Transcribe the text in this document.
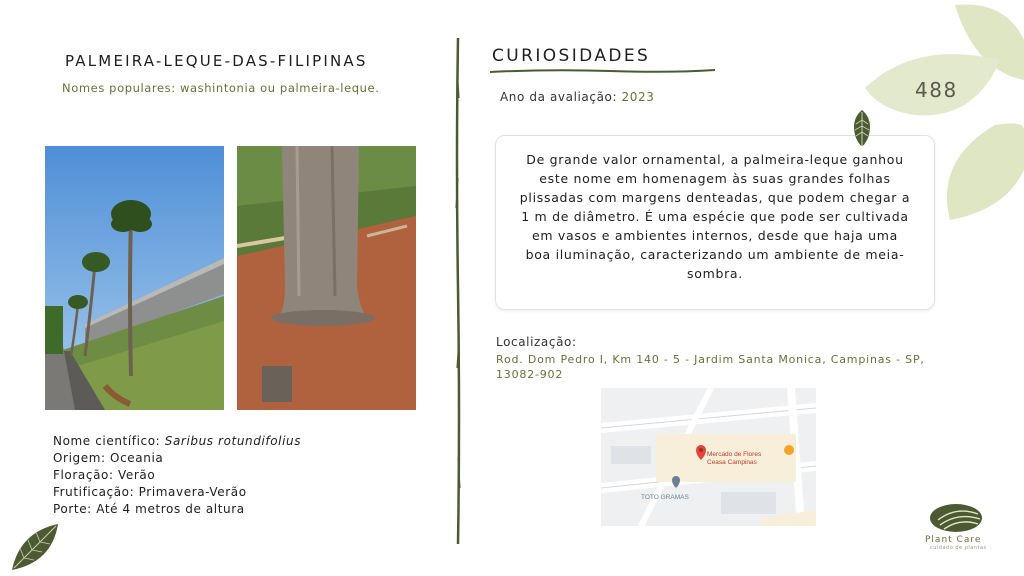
PALMEIRA-LEQUE-DAS-FILIPINAS
Nomes populares: washintonia ou palmeira-leque.
Nome científico: Saribus rotundifolius
Origem: Oceania
Floração: Verão
Frutificação: Primavera-Verão
Porte: Até 4 metros de altura
CURIOSIDADES
Ano da avaliação: 2023

De grande valor ornamental, a palmeira-leque ganhou este nome em homenagem às suas grandes folhas plissadas com margens denteadas, que podem chegar a 1 m de diâmetro. É uma espécie que pode ser cultivada em vasos e ambientes internos, desde que haja uma boa iluminação, caracterizando um ambiente de meia-sombra.

Localização:
Rod. Dom Pedro I, Km 140 - 5 - Jardim Santa Monica, Campinas - SP, 13082-902
Mercado de Flores
Ceasa Campinas
TOTO GRAMAS
488
Plant Care
cuidado de plantas
